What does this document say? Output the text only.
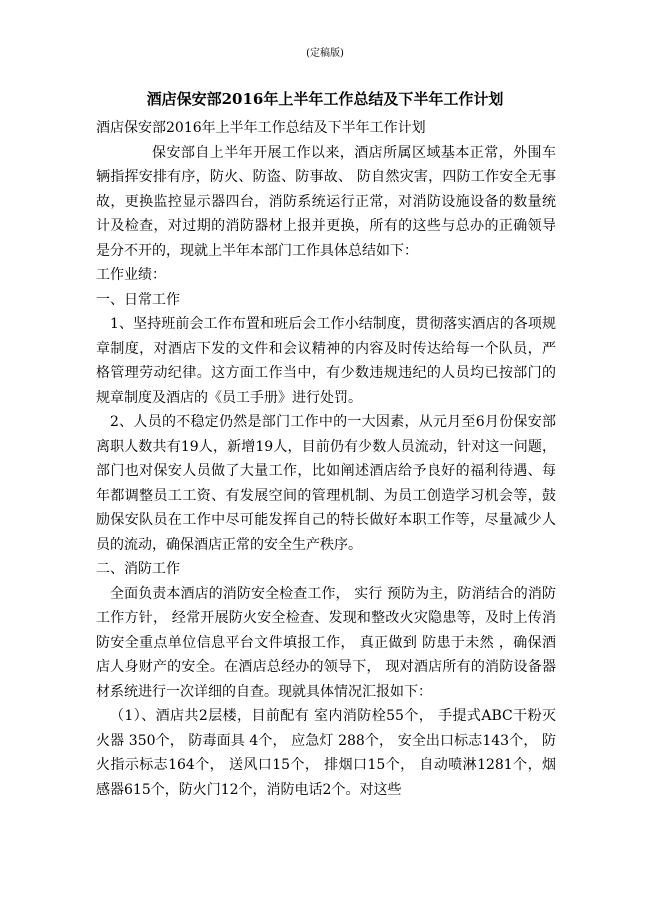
(定稿版)
酒店保安部2016年上半年工作总结及下半年工作计划

酒店保安部2016年上半年工作总结及下半年工作计划

保安部自上半年开展工作以来，酒店所属区域基本正常，外围车辆指挥安排有序，防火、防盗、防事故、 防自然灾害，四防工作安全无事故，更换监控显示器四台，消防系统运行正常，对消防设施设备的数量统计及检查，对过期的消防器材上报并更换，所有的这些与总办的正确领导是分不开的，现就上半年本部门工作具体总结如下：

工作业绩：

一、日常工作

1、坚持班前会工作布置和班后会工作小结制度，贯彻落实酒店的各项规章制度，对酒店下发的文件和会议精神的内容及时传达给每一个队员，严格管理劳动纪律。这方面工作当中，有少数违规违纪的人员均已按部门的规章制度及酒店的《员工手册》进行处罚。

2、人员的不稳定仍然是部门工作中的一大因素，从元月至6月份保安部离职人数共有19人，新增19人，目前仍有少数人员流动，针对这一问题，部门也对保安人员做了大量工作，比如阐述酒店给予良好的福利待遇、每年都调整员工工资、有发展空间的管理机制、为员工创造学习机会等，鼓励保安队员在工作中尽可能发挥自己的特长做好本职工作等，尽量减少人员的流动，确保酒店正常的安全生产秩序。

二、消防工作

全面负责本酒店的消防安全检查工作， 实行 预防为主，防消结合的消防工作方针， 经常开展防火安全检查、发现和整改火灾隐患等，及时上传消防安全重点单位信息平台文件填报工作， 真正做到 防患于未然 ，确保酒店人身财产的安全。在酒店总经办的领导下， 现对酒店所有的消防设备器材系统进行一次详细的自查。现就具体情况汇报如下：

（1）、酒店共2层楼，目前配有 室内消防栓55个， 手提式ABC干粉灭火器 350个， 防毒面具 4个， 应急灯 288个， 安全出口标志143个， 防火指示标志164个， 送风口15个， 排烟口15个， 自动喷淋1281个，烟感器615个，防火门12个，消防电话2个。对这些
